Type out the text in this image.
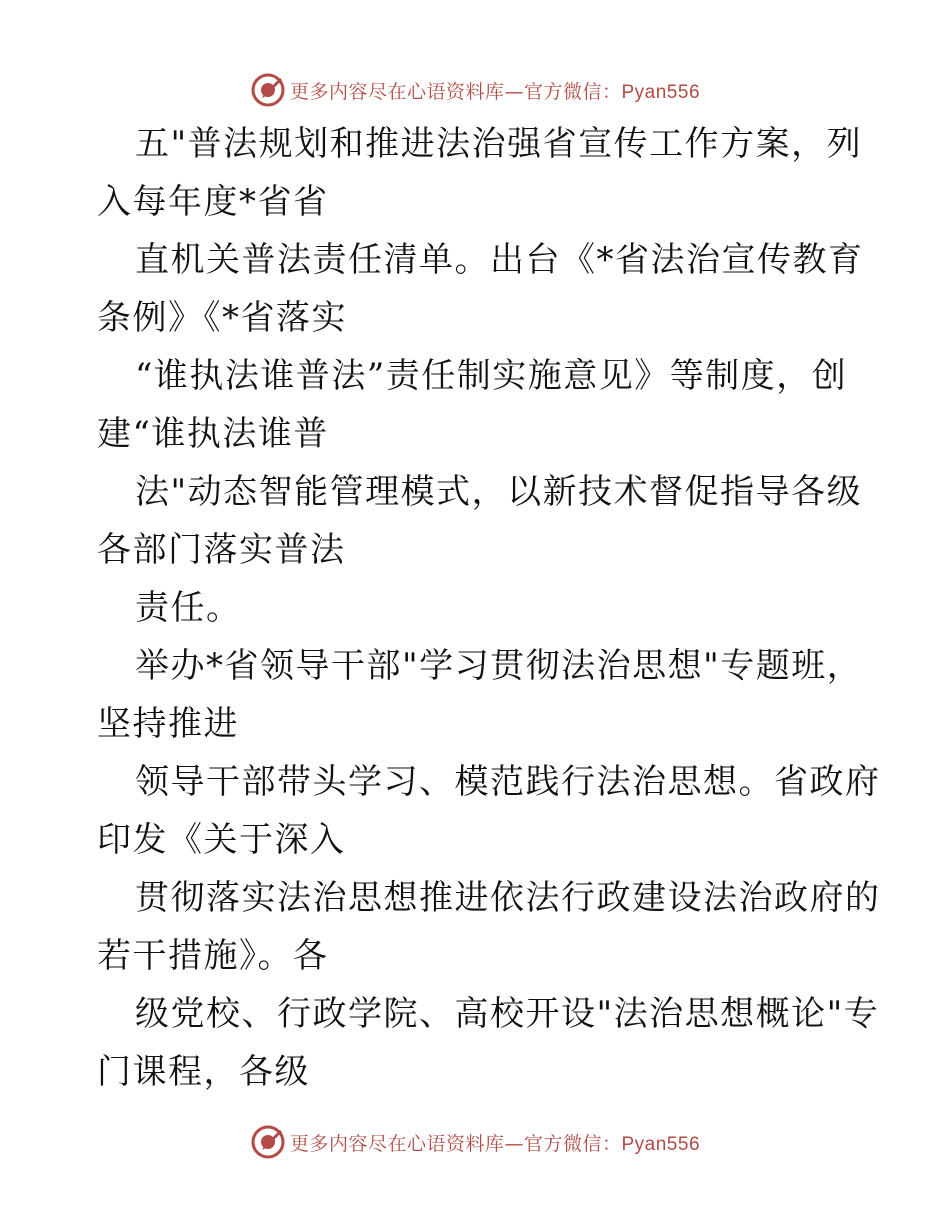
更多内容尽在心语资料库—官方微信：Pyan556
五"普法规划和推进法治强省宣传工作方案，列
入每年度*省省
直机关普法责任清单。出台《*省法治宣传教育
条例》《*省落实
“谁执法谁普法”责任制实施意见》等制度，创
建“谁执法谁普
法"动态智能管理模式，以新技术督促指导各级
各部门落实普法
责任。
举办*省领导干部"学习贯彻法治思想"专题班，
坚持推进
领导干部带头学习、模范践行法治思想。省政府
印发《关于深入
贯彻落实法治思想推进依法行政建设法治政府的
若干措施》。各
级党校、行政学院、高校开设"法治思想概论"专
门课程，各级
更多内容尽在心语资料库—官方微信：Pyan556
